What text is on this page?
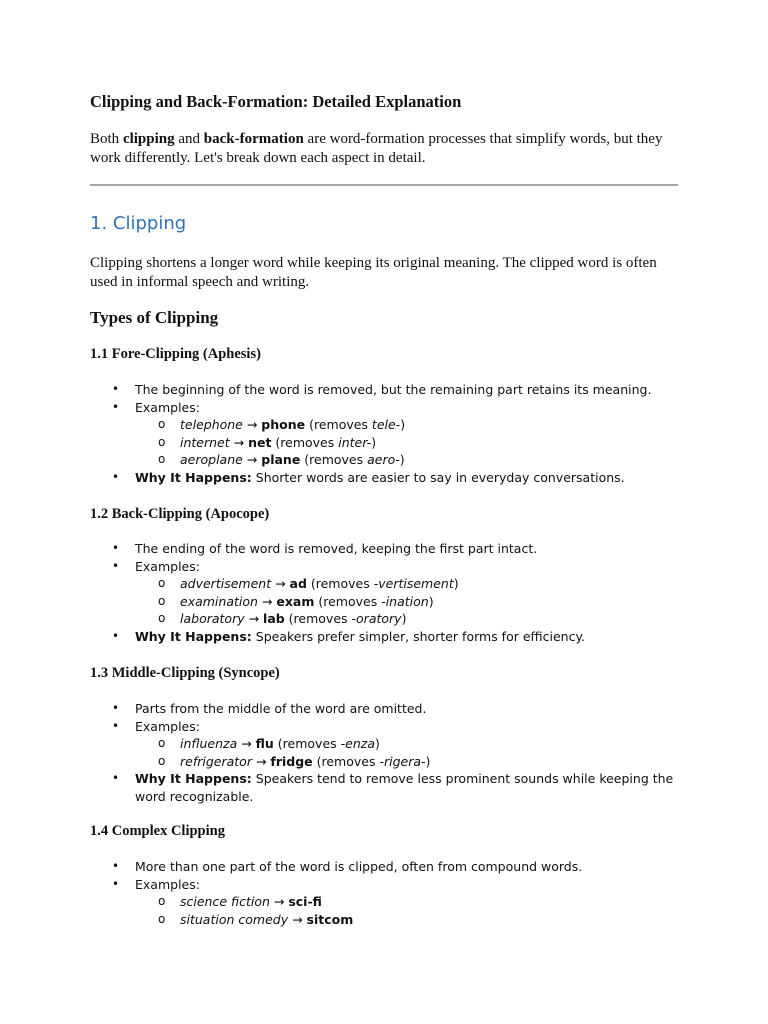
Clipping and Back-Formation: Detailed Explanation
Both clipping and back-formation are word-formation processes that simplify words, but they work differently. Let's break down each aspect in detail.
1. Clipping
Clipping shortens a longer word while keeping its original meaning. The clipped word is often used in informal speech and writing.
Types of Clipping
1.1 Fore-Clipping (Aphesis)
• The beginning of the word is removed, but the remaining part retains its meaning.
• Examples:
o telephone → phone (removes tele-)
o internet → net (removes inter-)
o aeroplane → plane (removes aero-)
• Why It Happens: Shorter words are easier to say in everyday conversations.
1.2 Back-Clipping (Apocope)
• The ending of the word is removed, keeping the first part intact.
• Examples:
o advertisement → ad (removes -vertisement)
o examination → exam (removes -ination)
o laboratory → lab (removes -oratory)
• Why It Happens: Speakers prefer simpler, shorter forms for efficiency.
1.3 Middle-Clipping (Syncope)
• Parts from the middle of the word are omitted.
• Examples:
o influenza → flu (removes -enza)
o refrigerator → fridge (removes -rigera-)
• Why It Happens: Speakers tend to remove less prominent sounds while keeping the word recognizable.
1.4 Complex Clipping
• More than one part of the word is clipped, often from compound words.
• Examples:
o science fiction → sci-fi
o situation comedy → sitcom
